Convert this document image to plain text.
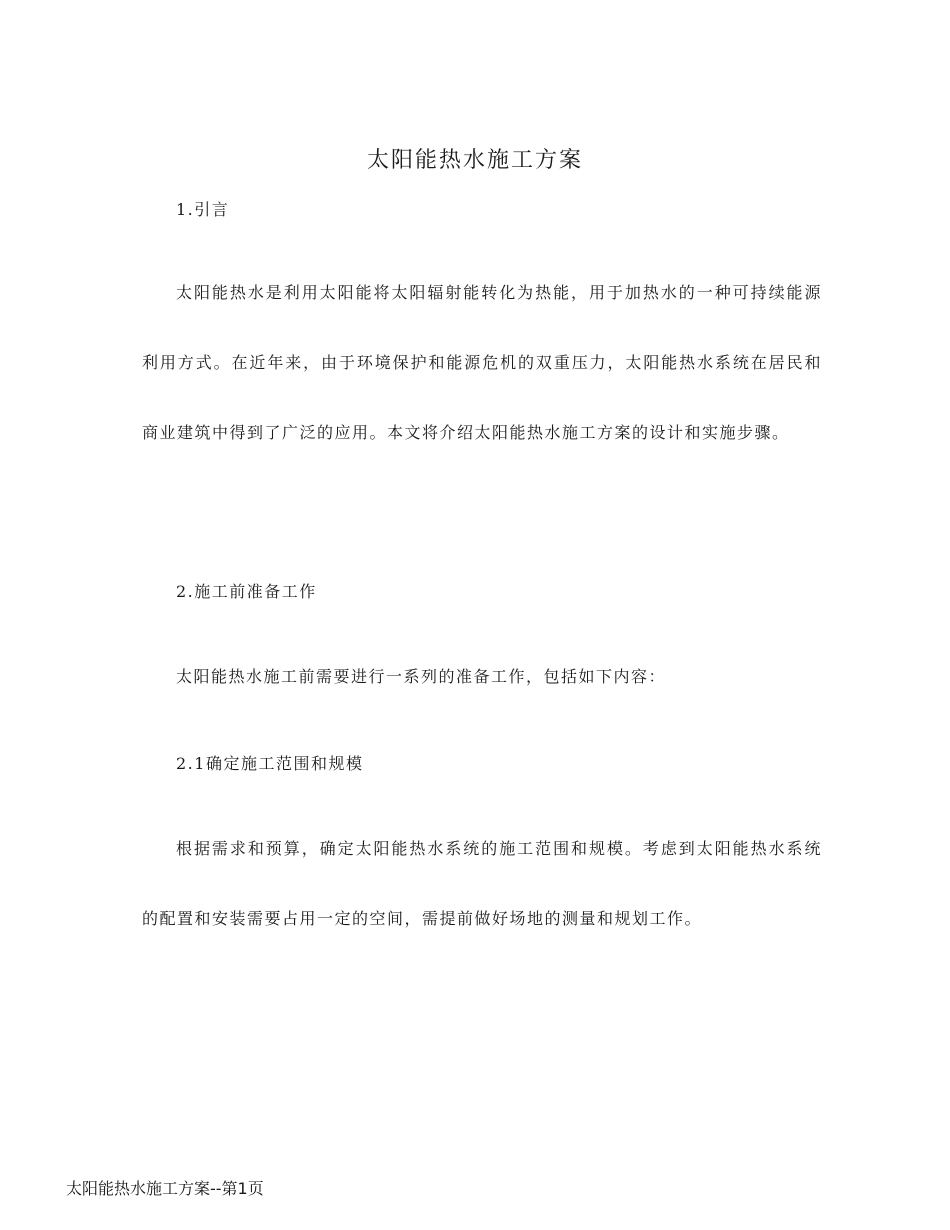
太阳能热水施工方案
1.引言

太阳能热水是利用太阳能将太阳辐射能转化为热能，用于加热水的一种可持续能源利用方式。在近年来，由于环境保护和能源危机的双重压力，太阳能热水系统在居民和商业建筑中得到了广泛的应用。本文将介绍太阳能热水施工方案的设计和实施步骤。

2.施工前准备工作

太阳能热水施工前需要进行一系列的准备工作，包括如下内容：

2.1确定施工范围和规模

根据需求和预算，确定太阳能热水系统的施工范围和规模。考虑到太阳能热水系统的配置和安装需要占用一定的空间，需提前做好场地的测量和规划工作。

太阳能热水施工方案--第1页
